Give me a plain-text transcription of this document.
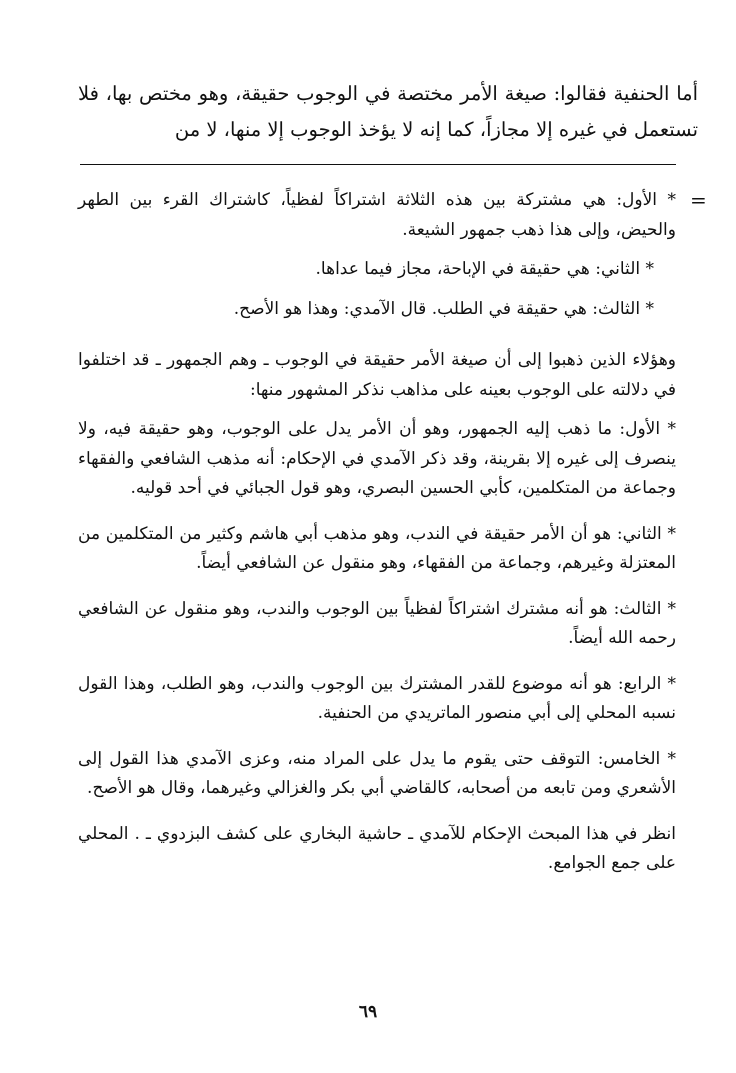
أما الحنفية فقالوا: صيغة الأمر مختصة في الوجوب حقيقة، وهو مختص بها، فلا تستعمل في غيره إلا مجازاً، كما إنه لا يؤخذ الوجوب إلا منها، لا من

=

* الأول: هي مشتركة بين هذه الثلاثة اشتراكاً لفظياً، كاشتراك القرء بين الطهر والحيض، وإلى هذا ذهب جمهور الشيعة.

* الثاني: هي حقيقة في الإباحة، مجاز فيما عداها.

* الثالث: هي حقيقة في الطلب. قال الآمدي: وهذا هو الأصح.

وهؤلاء الذين ذهبوا إلى أن صيغة الأمر حقيقة في الوجوب ـ وهم الجمهور ـ قد اختلفوا في دلالته على الوجوب بعينه على مذاهب نذكر المشهور منها:

* الأول: ما ذهب إليه الجمهور، وهو أن الأمر يدل على الوجوب، وهو حقيقة فيه، ولا ينصرف إلى غيره إلا بقرينة، وقد ذكر الآمدي في الإحكام: أنه مذهب الشافعي والفقهاء وجماعة من المتكلمين، كأبي الحسين البصري، وهو قول الجبائي في أحد قوليه.

* الثاني: هو أن الأمر حقيقة في الندب، وهو مذهب أبي هاشم وكثير من المتكلمين من المعتزلة وغيرهم، وجماعة من الفقهاء، وهو منقول عن الشافعي أيضاً.

* الثالث: هو أنه مشترك اشتراكاً لفظياً بين الوجوب والندب، وهو منقول عن الشافعي رحمه الله أيضاً.

* الرابع: هو أنه موضوع للقدر المشترك بين الوجوب والندب، وهو الطلب، وهذا القول نسبه المحلي إلى أبي منصور الماتريدي من الحنفية.

* الخامس: التوقف حتى يقوم ما يدل على المراد منه، وعزى الآمدي هذا القول إلى الأشعري ومن تابعه من أصحابه، كالقاضي أبي بكر والغزالي وغيرهما، وقال هو الأصح.

انظر في هذا المبحث الإحكام للآمدي ـ حاشية البخاري على كشف البزدوي ـ . المحلي على جمع الجوامع.

٦٩
